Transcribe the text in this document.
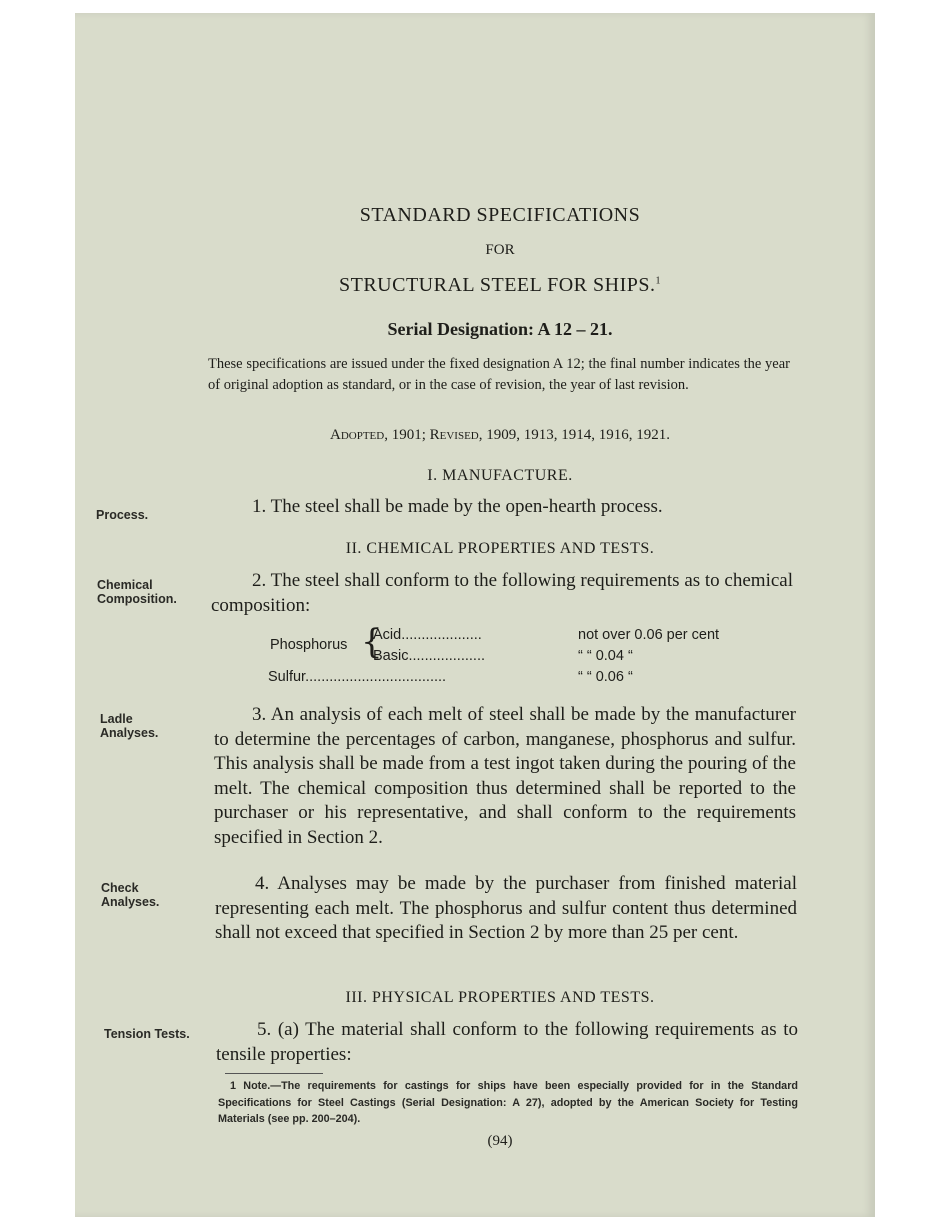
STANDARD SPECIFICATIONS
FOR
STRUCTURAL STEEL FOR SHIPS.$^1$
Serial Designation: A 12 – 21.
These specifications are issued under the fixed designation A 12; the final number indicates the year of original adoption as standard, or in the case of revision, the year of last revision.
Adopted, 1901; Revised, 1909, 1913, 1914, 1916, 1921.
I. MANUFACTURE.
Process.	1. The steel shall be made by the open-hearth process.
II. CHEMICAL PROPERTIES AND TESTS.
Chemical
Composition.
2. The steel shall conform to the following requirements as to chemical composition:
Phosphorus {
Acid....................	not over 0.06 per cent
Basic...................	“ “ 0.04 “
Sulfur...................................	“ “ 0.06 “
Ladle
Analyses.
3. An analysis of each melt of steel shall be made by the manufacturer to determine the percentages of carbon, manganese, phosphorus and sulfur. This analysis shall be made from a test ingot taken during the pouring of the melt. The chemical composition thus determined shall be reported to the purchaser or his representative, and shall conform to the requirements specified in Section 2.
Check
Analyses.
4. Analyses may be made by the purchaser from finished material representing each melt. The phosphorus and sulfur content thus determined shall not exceed that specified in Section 2 by more than 25 per cent.
III. PHYSICAL PROPERTIES AND TESTS.
Tension Tests.	5. (a) The material shall conform to the following requirements as to tensile properties:
1 Note.—The requirements for castings for ships have been especially provided for in the Standard Specifications for Steel Castings (Serial Designation: A 27), adopted by the American Society for Testing Materials (see pp. 200–204).
(94)
